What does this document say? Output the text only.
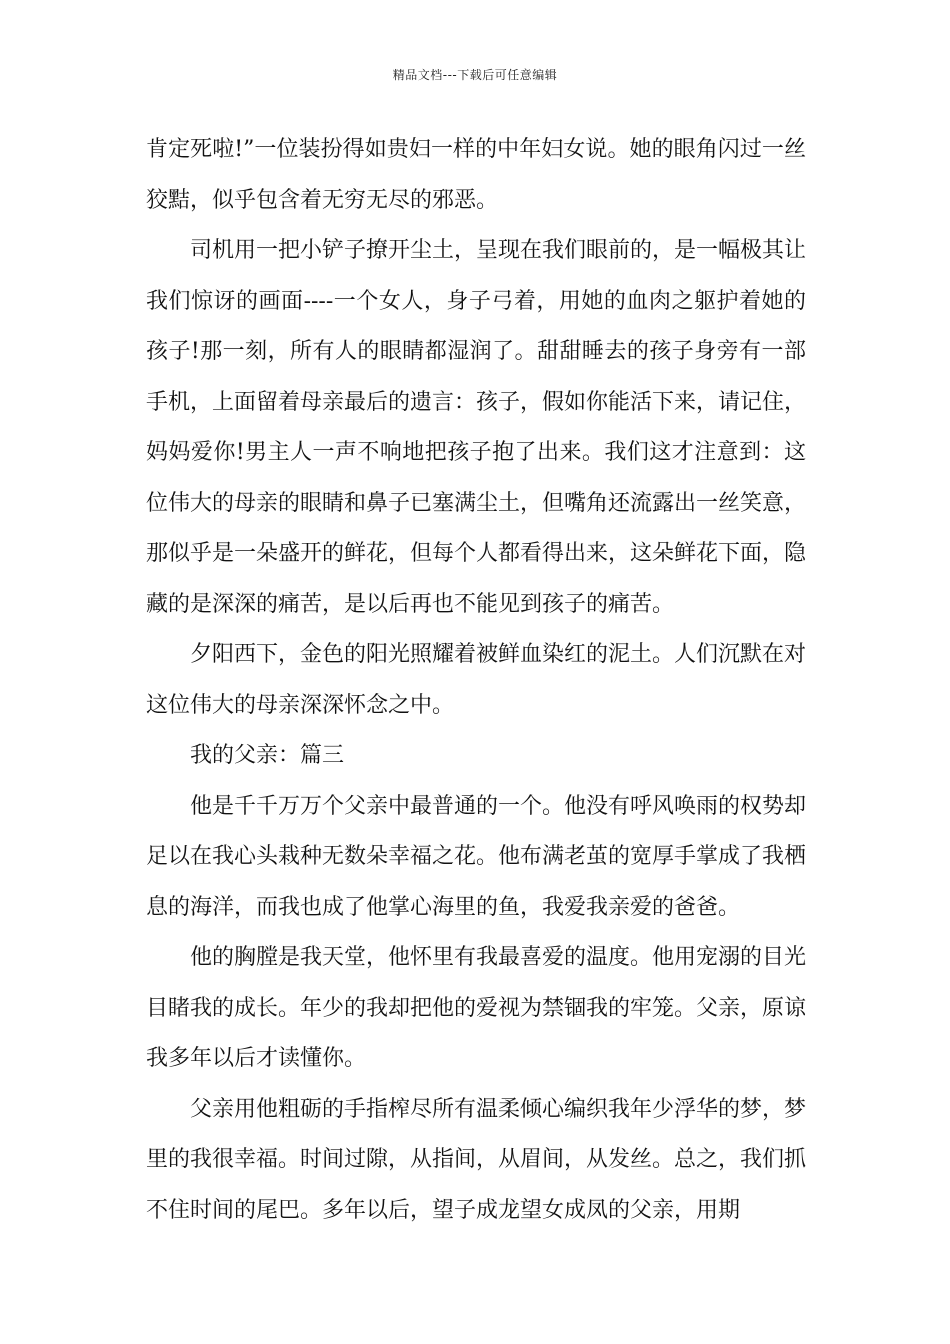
精品文档---下载后可任意编辑

肯定死啦!”一位装扮得如贵妇一样的中年妇女说。她的眼角闪过一丝狡黠，似乎包含着无穷无尽的邪恶。

司机用一把小铲子撩开尘土，呈现在我们眼前的，是一幅极其让我们惊讶的画面----一个女人，身子弓着，用她的血肉之躯护着她的孩子!那一刻，所有人的眼睛都湿润了。甜甜睡去的孩子身旁有一部手机，上面留着母亲最后的遗言：孩子，假如你能活下来，请记住，妈妈爱你!男主人一声不响地把孩子抱了出来。我们这才注意到：这位伟大的母亲的眼睛和鼻子已塞满尘土，但嘴角还流露出一丝笑意，那似乎是一朵盛开的鲜花，但每个人都看得出来，这朵鲜花下面，隐藏的是深深的痛苦，是以后再也不能见到孩子的痛苦。

夕阳西下，金色的阳光照耀着被鲜血染红的泥土。人们沉默在对这位伟大的母亲深深怀念之中。

我的父亲：篇三

他是千千万万个父亲中最普通的一个。他没有呼风唤雨的权势却足以在我心头栽种无数朵幸福之花。他布满老茧的宽厚手掌成了我栖息的海洋，而我也成了他掌心海里的鱼，我爱我亲爱的爸爸。

他的胸膛是我天堂，他怀里有我最喜爱的温度。他用宠溺的目光目睹我的成长。年少的我却把他的爱视为禁锢我的牢笼。父亲，原谅我多年以后才读懂你。

父亲用他粗砺的手指榨尽所有温柔倾心编织我年少浮华的梦，梦里的我很幸福。时间过隙，从指间，从眉间，从发丝。总之，我们抓不住时间的尾巴。多年以后，望子成龙望女成凤的父亲，用期
